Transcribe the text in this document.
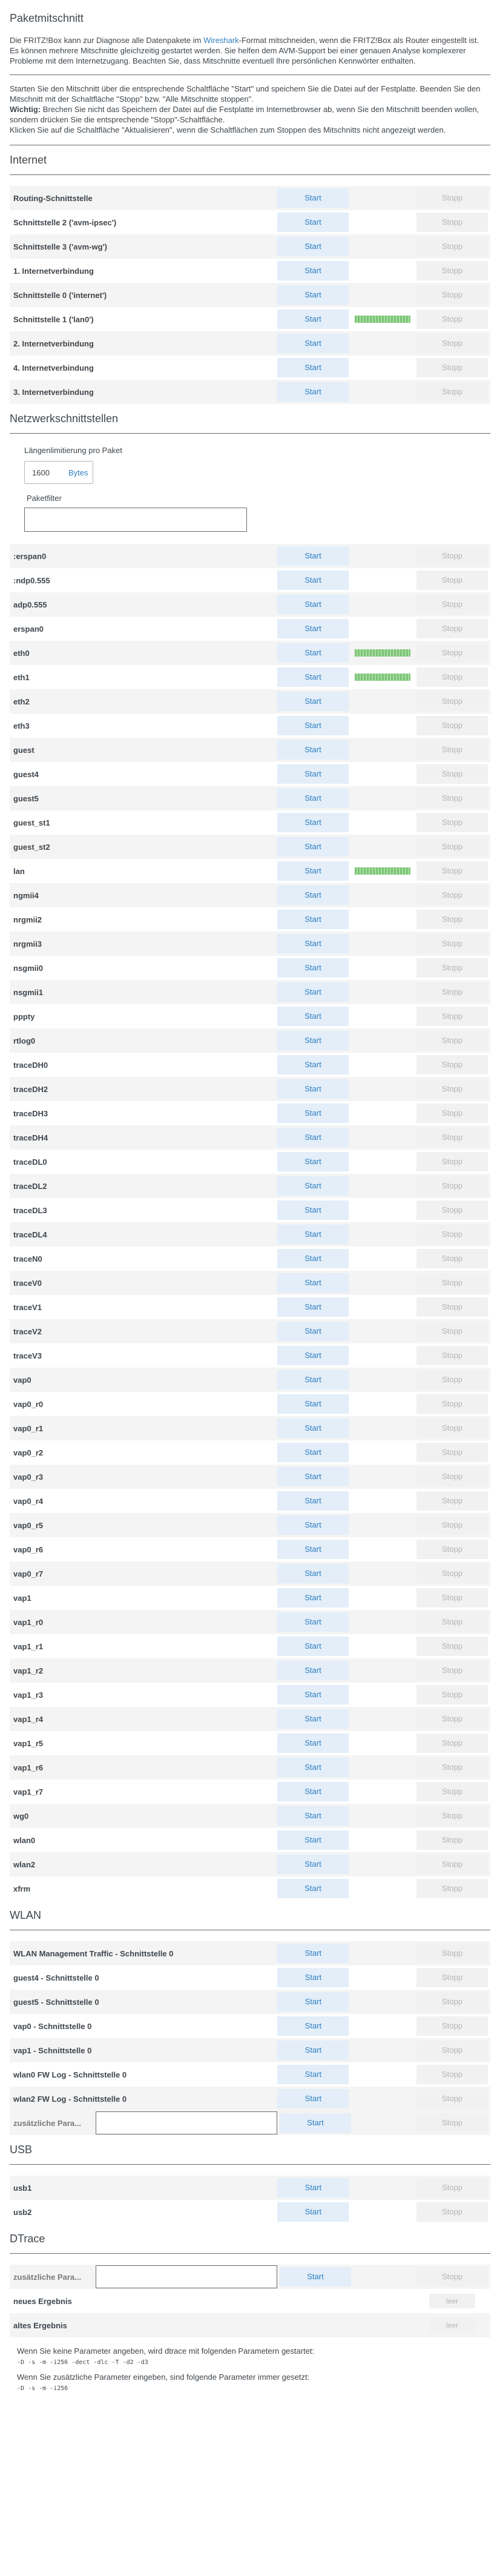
Paketmitschnitt

Die FRITZ!Box kann zur Diagnose alle Datenpakete im Wireshark-Format mitschneiden, wenn die FRITZ!Box als Router eingestellt ist. Es können mehrere Mitschnitte gleichzeitig gestartet werden. Sie helfen dem AVM-Support bei einer genauen Analyse komplexerer Probleme mit dem Internetzugang. Beachten Sie, dass Mitschnitte eventuell Ihre persönlichen Kennwörter enthalten.

Starten Sie den Mitschnitt über die entsprechende Schaltfläche "Start" und speichern Sie die Datei auf der Festplatte. Beenden Sie den Mitschnitt mit der Schaltfläche "Stopp" bzw. "Alle Mitschnitte stoppen".

Wichtig: Brechen Sie nicht das Speichern der Datei auf die Festplatte im Internetbrowser ab, wenn Sie den Mitschnitt beenden wollen, sondern drücken Sie die entsprechende "Stopp"-Schaltfläche.

Klicken Sie auf die Schaltfläche "Aktualisieren", wenn die Schaltflächen zum Stoppen des Mitschnitts nicht angezeigt werden.

Internet
Routing-Schnittstelle	Start		Stopp

Schnittstelle 2 ('avm-ipsec')	Start		Stopp

Schnittstelle 3 ('avm-wg')	Start		Stopp

1. Internetverbindung	Start		Stopp

Schnittstelle 0 ('internet')	Start		Stopp

Schnittstelle 1 ('lan0')	Start		Stopp

2. Internetverbindung	Start		Stopp

4. Internetverbindung	Start		Stopp

3. Internetverbindung	Start		Stopp
Netzwerkschnittstellen
Längenlimitierung pro Paket
1600	Bytes
Paketfilter
:erspan0	Start		Stopp

:ndp0.555	Start		Stopp

adp0.555	Start		Stopp

erspan0	Start		Stopp

eth0	Start		Stopp

eth1	Start		Stopp

eth2	Start		Stopp

eth3	Start		Stopp

guest	Start		Stopp

guest4	Start		Stopp

guest5	Start		Stopp

guest_st1	Start		Stopp

guest_st2	Start		Stopp

lan	Start		Stopp

ngmii4	Start		Stopp

nrgmii2	Start		Stopp

nrgmii3	Start		Stopp

nsgmii0	Start		Stopp

nsgmii1	Start		Stopp

pppty	Start		Stopp

rtlog0	Start		Stopp

traceDH0	Start		Stopp

traceDH2	Start		Stopp

traceDH3	Start		Stopp

traceDH4	Start		Stopp

traceDL0	Start		Stopp

traceDL2	Start		Stopp

traceDL3	Start		Stopp

traceDL4	Start		Stopp

traceN0	Start		Stopp

traceV0	Start		Stopp

traceV1	Start		Stopp

traceV2	Start		Stopp

traceV3	Start		Stopp

vap0	Start		Stopp

vap0_r0	Start		Stopp

vap0_r1	Start		Stopp

vap0_r2	Start		Stopp

vap0_r3	Start		Stopp

vap0_r4	Start		Stopp

vap0_r5	Start		Stopp

vap0_r6	Start		Stopp

vap0_r7	Start		Stopp

vap1	Start		Stopp

vap1_r0	Start		Stopp

vap1_r1	Start		Stopp

vap1_r2	Start		Stopp

vap1_r3	Start		Stopp

vap1_r4	Start		Stopp

vap1_r5	Start		Stopp

vap1_r6	Start		Stopp

vap1_r7	Start		Stopp

wg0	Start		Stopp

wlan0	Start		Stopp

wlan2	Start		Stopp

xfrm	Start		Stopp
WLAN
WLAN Management Traffic - Schnittstelle 0	Start		Stopp

guest4 - Schnittstelle 0	Start		Stopp

guest5 - Schnittstelle 0	Start		Stopp

vap0 - Schnittstelle 0	Start		Stopp

vap1 - Schnittstelle 0	Start		Stopp

wlan0 FW Log - Schnittstelle 0	Start		Stopp

wlan2 FW Log - Schnittstelle 0	Start		Stopp
zusätzliche Para...	Start		Stopp
USB
usb1	Start		Stopp

usb2	Start		Stopp
DTrace
zusätzliche Para...	Start		Stopp

neues Ergebnis			leer

altes Ergebnis			leer

Wenn Sie keine Parameter angeben, wird dtrace mit folgenden Parametern gestartet:

-D -s -m -i256 -dect -dlc -T -d2 -d3

Wenn Sie zusätzliche Parameter eingeben, sind folgende Parameter immer gesetzt:

-D -s -m -i256
